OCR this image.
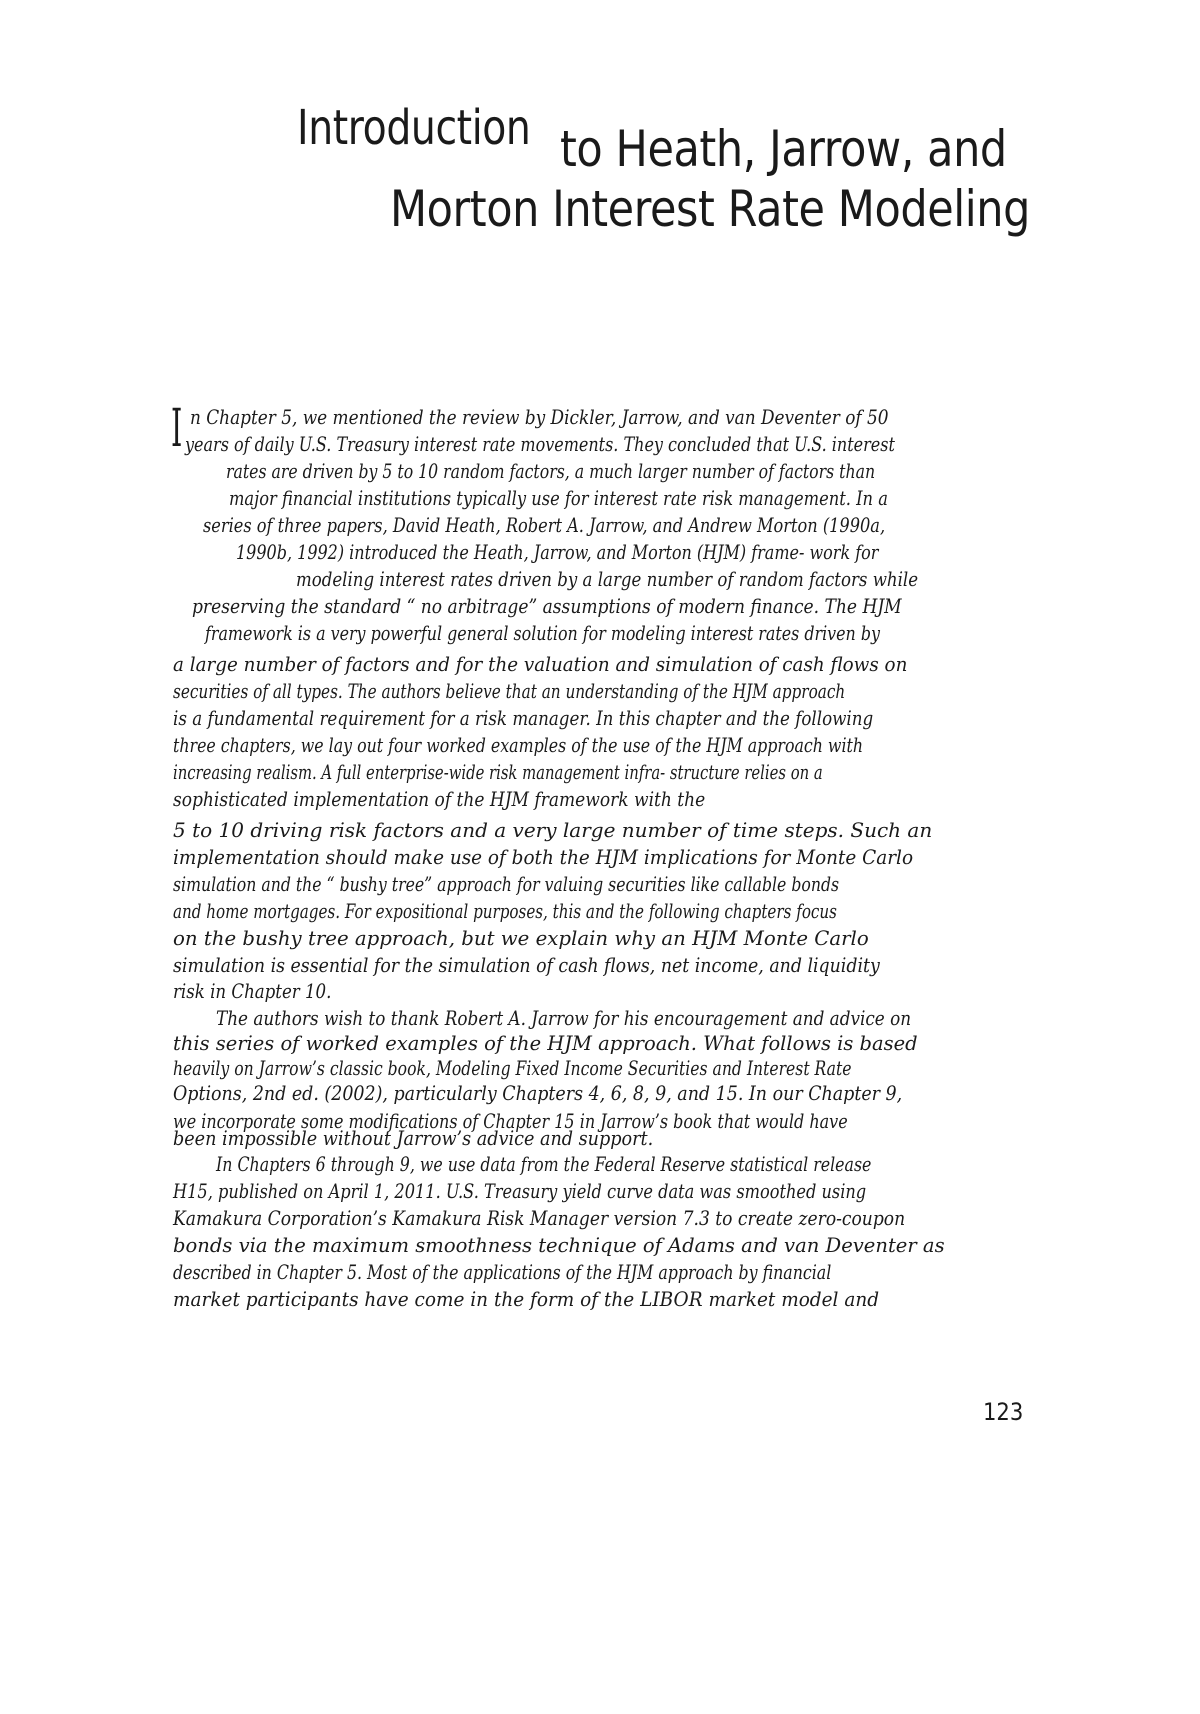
Introduction to Heath, Jarrow, and
Morton Interest Rate Modeling
I n Chapter 5, we mentioned the review by Dickler, Jarrow, and van Deventer of 50

years of daily U.S. Treasury interest rate movements. They concluded that U.S. interest

rates are driven by 5 to 10 random factors, a much larger number of factors than

major financial institutions typically use for interest rate risk management. In a

series of three papers, David Heath, Robert A. Jarrow, and Andrew Morton (1990a,

1990b, 1992) introduced the Heath, Jarrow, and Morton (HJM) frame- work for

modeling interest rates driven by a large number of random factors while

preserving the standard “ no arbitrage” assumptions of modern finance. The HJM

framework is a very powerful general solution for modeling interest rates driven by

a large number of factors and for the valuation and simulation of cash flows on

securities of all types. The authors believe that an understanding of the HJM approach

is a fundamental requirement for a risk manager. In this chapter and the following

three chapters, we lay out four worked examples of the use of the HJM approach with

increasing realism. A full enterprise-wide risk management infra- structure relies on a

sophisticated implementation of the HJM framework with the

5 to 10 driving risk factors and a very large number of time steps. Such an

implementation should make use of both the HJM implications for Monte Carlo

simulation and the “ bushy tree” approach for valuing securities like callable bonds

and home mortgages. For expositional purposes, this and the following chapters focus

on the bushy tree approach, but we explain why an HJM Monte Carlo

simulation is essential for the simulation of cash flows, net income, and liquidity

risk in Chapter 10.

The authors wish to thank Robert A. Jarrow for his encouragement and advice on

this series of worked examples of the HJM approach. What follows is based

heavily on Jarrow’s classic book, Modeling Fixed Income Securities and Interest Rate

Options, 2nd ed. (2002), particularly Chapters 4, 6, 8, 9, and 15. In our Chapter 9,

we incorporate some modifications of Chapter 15 in Jarrow’s book that would have

been impossible without Jarrow’s advice and support.

In Chapters 6 through 9, we use data from the Federal Reserve statistical release

H15, published on April 1, 2011. U.S. Treasury yield curve data was smoothed using

Kamakura Corporation’s Kamakura Risk Manager version 7.3 to create zero-coupon

bonds via the maximum smoothness technique of Adams and van Deventer as

described in Chapter 5. Most of the applications of the HJM approach by financial

market participants have come in the form of the LIBOR market model and

123
